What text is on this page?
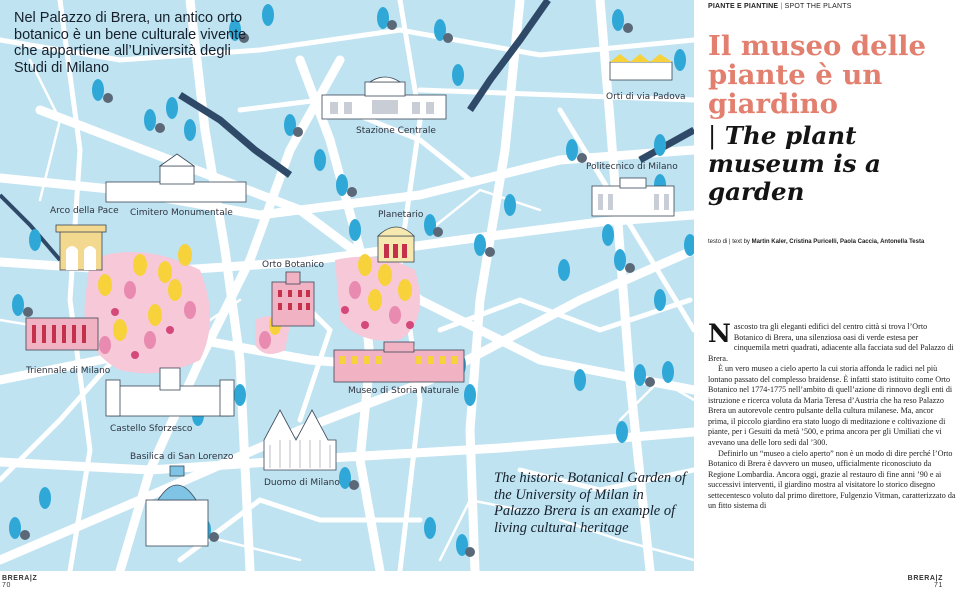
Stazione Centrale
Orti di via Padova
Politecnico di Milano
Arco della Pace Cimitero Monumentale	Planetario
Orto Botanico
Triennale di Milano
Museo di Storia Naturale
Castello Sforzesco
Basilica di San Lorenzo
Duomo di Milano
Nel Palazzo di Brera, un antico orto botanico è un bene culturale vivente che appartiene all’Università degli Studi di Milano
The historic Botanical Garden of the University of Milan in Palazzo Brera is an example of living cultural heritage
PIANTE E PIANTINE | SPOT THE PLANTS
Il museo delle piante è un giardino
| The plant museum is a garden
testo di | text by Martin Kaler, Cristina Puricelli, Paola Caccia, Antonella Testa

Nascosto tra gli eleganti edifici del centro città si trova l’Orto Botanico di Brera, una silenziosa oasi di verde estesa per cinquemila metri quadrati, adiacente alla facciata sud del Palazzo di Brera.

È un vero museo a cielo aperto la cui storia affonda le radici nel più lontano passato del complesso braidense. È infatti stato istituito come Orto Botanico nel 1774-1775 nell’ambito di quell’azione di rinnovo degli enti di istruzione e ricerca voluta da Maria Teresa d’Austria che ha reso Palazzo Brera un autorevole centro pulsante della cultura milanese. Ma, ancor prima, il piccolo giardino era stato luogo di meditazione e coltivazione di piante, per i Gesuiti da metà ’500, e prima ancora per gli Umiliati che vi avevano una delle loro sedi dal ’300.

Definirlo un “museo a cielo aperto” non è un modo di dire perché l’Orto Botanico di Brera è davvero un museo, ufficialmente riconosciuto da Regione Lombardia. Ancora oggi, grazie al restauro di fine anni ’90 e ai successivi interventi, il giardino mostra al visitatore lo storico disegno settecentesco voluto dal primo direttore, Fulgenzio Vitman, caratterizzato da un fitto sistema di

BRERA|Z
70
BRERA|Z
71
